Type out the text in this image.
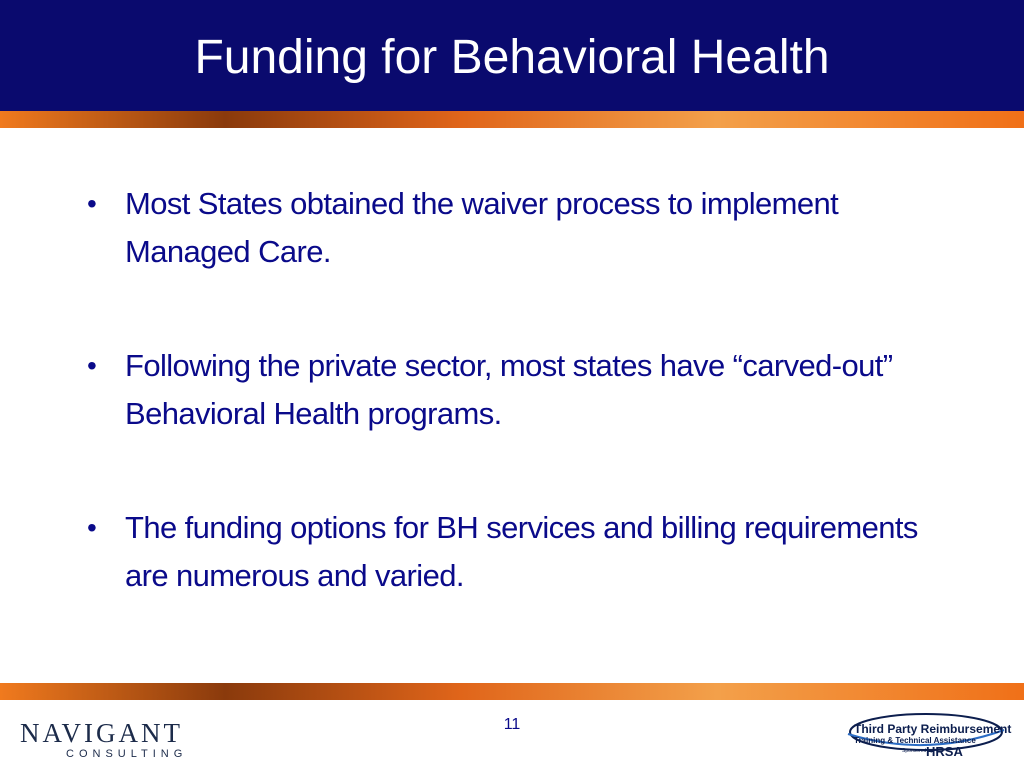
Funding for Behavioral Health
• Most States obtained the waiver process to implement Managed Care.
• Following the private sector, most states have “carved-out” Behavioral Health programs.
• The funding options for BH services and billing requirements are numerous and varied.
NAVIGANT
CONSULTING
11	Third Party Reimbursement
Training & Technical Assistance
Sponsored by
HRSA
